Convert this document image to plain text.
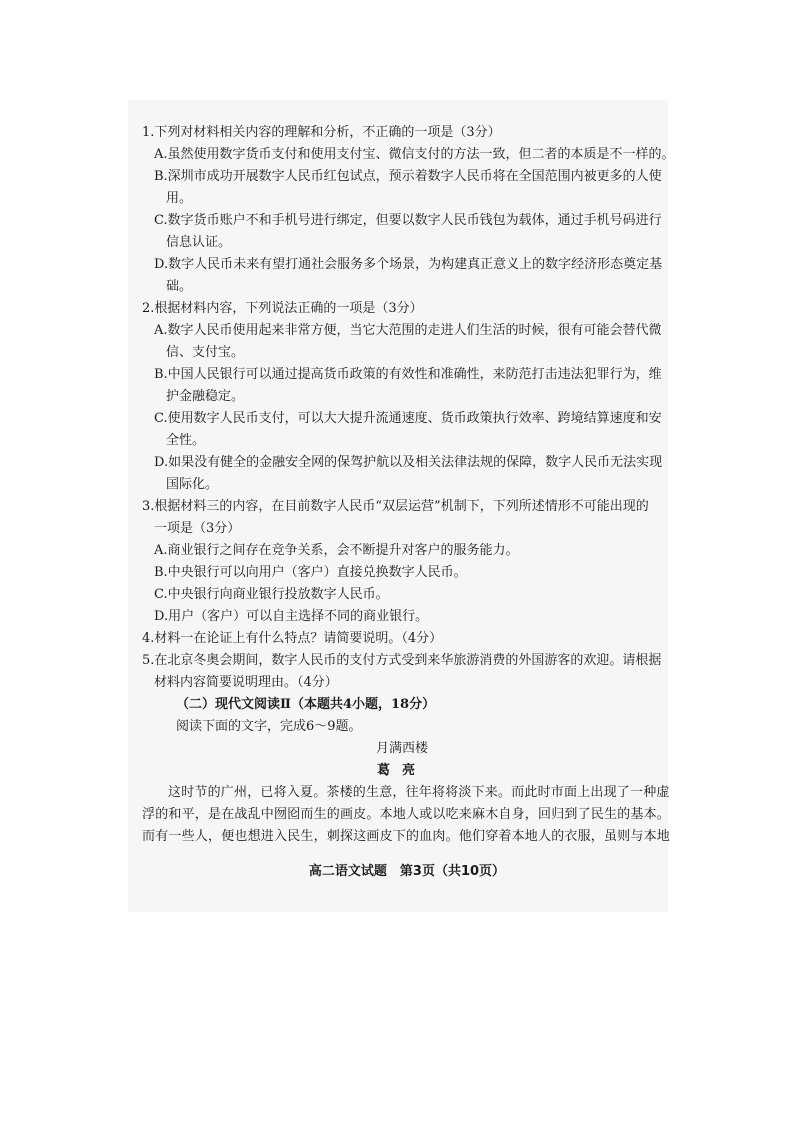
1.下列对材料相关内容的理解和分析，不正确的一项是（3分）
A.虽然使用数字货币支付和使用支付宝、微信支付的方法一致，但二者的本质是不一样的。
B.深圳市成功开展数字人民币红包试点，预示着数字人民币将在全国范围内被更多的人使
用。
C.数字货币账户不和手机号进行绑定，但要以数字人民币钱包为载体，通过手机号码进行
信息认证。
D.数字人民币未来有望打通社会服务多个场景，为构建真正意义上的数字经济形态奠定基
础。
2.根据材料内容，下列说法正确的一项是（3分）
A.数字人民币使用起来非常方便，当它大范围的走进人们生活的时候，很有可能会替代微
信、支付宝。
B.中国人民银行可以通过提高货币政策的有效性和准确性，来防范打击违法犯罪行为，维
护金融稳定。
C.使用数字人民币支付，可以大大提升流通速度、货币政策执行效率、跨境结算速度和安
全性。
D.如果没有健全的金融安全网的保驾护航以及相关法律法规的保障，数字人民币无法实现
国际化。
3.根据材料三的内容，在目前数字人民币“双层运营”机制下，下列所述情形不可能出现的
一项是（3分）
A.商业银行之间存在竞争关系，会不断提升对客户的服务能力。
B.中央银行可以向用户（客户）直接兑换数字人民币。
C.中央银行向商业银行投放数字人民币。
D.用户（客户）可以自主选择不同的商业银行。
4.材料一在论证上有什么特点？请简要说明。（4分）
5.在北京冬奥会期间，数字人民币的支付方式受到来华旅游消费的外国游客的欢迎。请根据
材料内容简要说明理由。（4分）
（二）现代文阅读Ⅱ（本题共4小题，18分）
阅读下面的文字，完成6～9题。
月满西楼
葛亮
这时节的广州，已将入夏。茶楼的生意，往年将将淡下来。而此时市面上出现了一种虚
浮的和平，是在战乱中囫囵而生的画皮。本地人或以吃来麻木自身，回归到了民生的基本。
而有一些人，便也想进入民生，刺探这画皮下的血肉。他们穿着本地人的衣服，虽则与本地
高二语文试题　第3页（共10页）
